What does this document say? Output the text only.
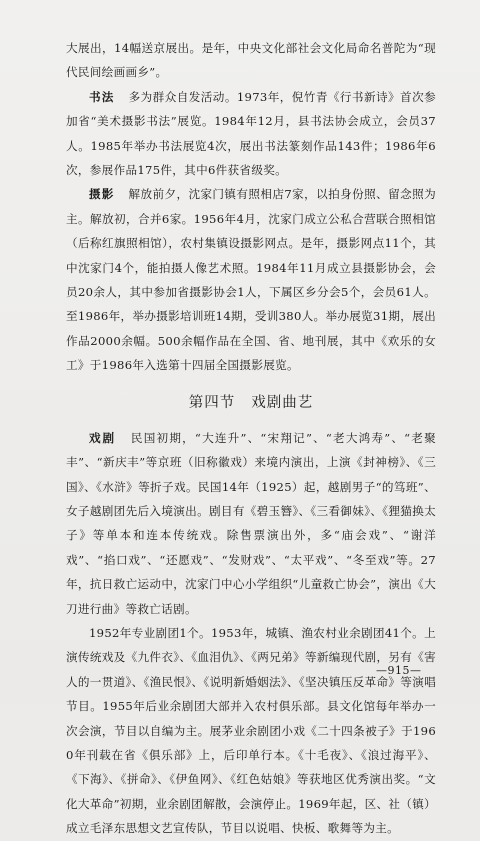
大展出，14幅送京展出。是年，中央文化部社会文化局命名普陀为“现代民间绘画画乡”。

书法 多为群众自发活动。1973年，倪竹青《行书新诗》首次参加省“美术摄影书法”展览。1984年12月，县书法协会成立，会员37人。1985年举办书法展览4次，展出书法篆刻作品143件；1986年6次，参展作品175件，其中6件获省级奖。

摄影 解放前夕，沈家门镇有照相店7家，以拍身份照、留念照为主。解放初，合并6家。1956年4月，沈家门成立公私合营联合照相馆（后称红旗照相馆），农村集镇设摄影网点。是年，摄影网点11个，其中沈家门4个，能拍摄人像艺术照。1984年11月成立县摄影协会，会员20余人，其中参加省摄影协会1人，下属区乡分会5个，会员61人。至1986年，举办摄影培训班14期，受训380人。举办展览31期，展出作品2000余幅。500余幅作品在全国、省、地刊展，其中《欢乐的女工》于1986年入选第十四届全国摄影展览。

第四节 戏剧曲艺

戏剧 民国初期，“大连升”、“宋翔记”、“老大鸿寿”、“老聚丰”、“新庆丰”等京班（旧称徽戏）来境内演出，上演《封神榜》、《三国》、《水浒》等折子戏。民国14年（1925）起，越剧男子“的笃班”、女子越剧团先后入境演出。剧目有《碧玉簪》、《三看御妹》、《狸猫换太子》等单本和连本传统戏。除售票演出外，多“庙会戏”、“谢洋戏”、“掐口戏”、“还愿戏”、“发财戏”、“太平戏”、“冬至戏”等。27年，抗日救亡运动中，沈家门中心小学组织“儿童救亡协会”，演出《大刀进行曲》等救亡话剧。

1952年专业剧团1个。1953年，城镇、渔农村业余剧团41个。上演传统戏及《九件衣》、《血泪仇》、《两兄弟》等新编现代剧，另有《害人的一贯道》、《渔民恨》、《说明新婚姻法》、《坚决镇压反革命》等演唱节目。1955年后业余剧团大部并入农村俱乐部。县文化馆每年举办一次会演，节目以自编为主。展茅业余剧团小戏《二十四条被子》于1960年刊载在省《俱乐部》上，后印单行本。《十毛夜》、《浪过海平》、《下海》、《拼命》、《伊鱼网》、《红色姑娘》等获地区优秀演出奖。“文化大革命”初期，业余剧团解散，会演停止。1969年起，区、社（镇）成立毛泽东思想文艺宣传队，节目以说唱、快板、歌舞等为主。

—915—
